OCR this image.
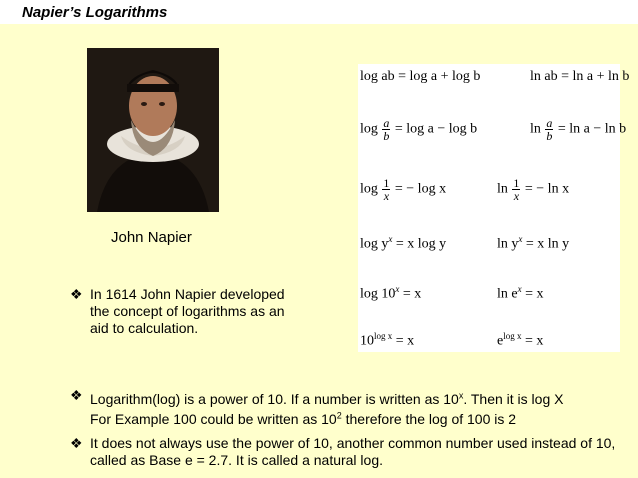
Napier’s Logarithms
John Napier
❖ In 1614 John Napier developed the concept of logarithms as an aid to calculation.
❖ Logarithm(log) is a power of 10. If a number is written as 10$^x$. Then it is log X
For Example 100 could be written as $10^2$ therefore the log of 100 is 2
❖ It does not always use the power of 10, another common number used instead of 10, called as Base e = 2.7. It is called a natural log.
log ab = log a + log b	ln ab = ln a + ln b
$\log \frac{a}{b} = \log a - \log b$	$\ln \frac{a}{b} = \ln a - \ln b$
$\log \frac{1}{x}$ = − log x	$\ln \frac{1}{x}$ = − ln x
$\log y^x = x$ log y	$\ln y^x = x$ ln y
$\log 10^x = x$	$\ln e^x = x$
$10^{log x} = x$	$e^{log x} = x$
